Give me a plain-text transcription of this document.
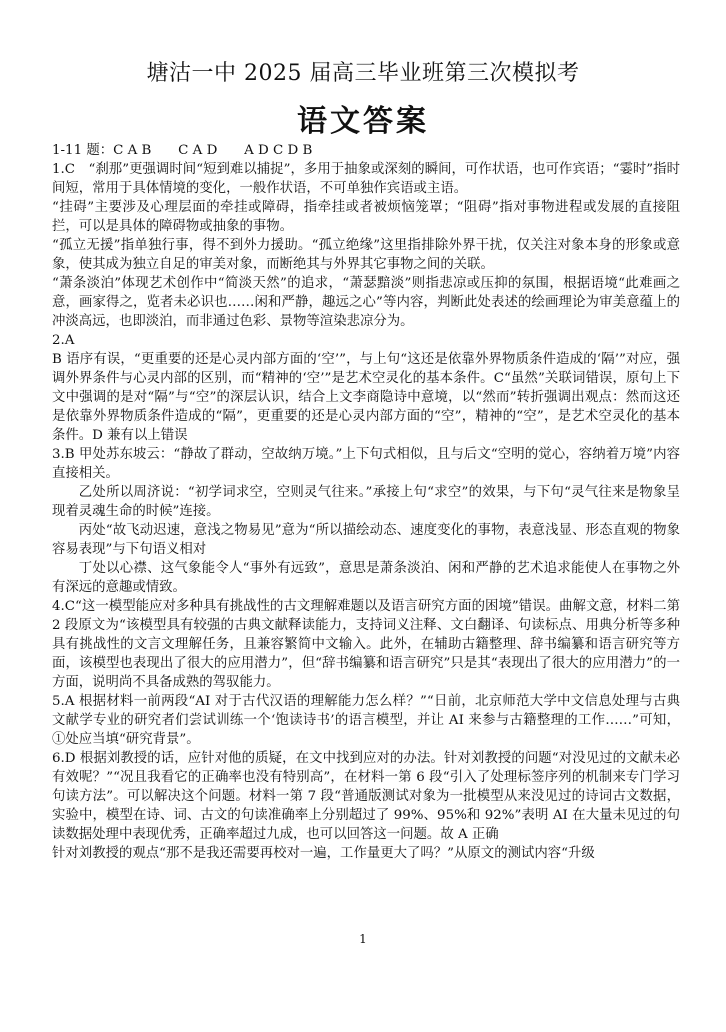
塘沽一中 2025 届高三毕业班第三次模拟考
语文答案

1-11 题：C A B　　C A D　　A D C D B

1.C　“刹那”更强调时间“短到难以捕捉”，多用于抽象或深刻的瞬间，可作状语，也可作宾语；“霎时”指时间短，常用于具体情境的变化，一般作状语，不可单独作宾语或主语。

“挂碍”主要涉及心理层面的牵挂或障碍，指牵挂或者被烦恼笼罩；“阻碍”指对事物进程或发展的直接阻拦，可以是具体的障碍物或抽象的事物。

“孤立无援”指单独行事，得不到外力援助。“孤立绝缘”这里指排除外界干扰，仅关注对象本身的形象或意象，使其成为独立自足的审美对象，而断绝其与外界其它事物之间的关联。

“萧条淡泊”体现艺术创作中“简淡天然”的追求，“萧瑟黯淡”则指悲凉或压抑的氛围，根据语境“此难画之意，画家得之，览者未必识也……闲和严静，趣远之心”等内容，判断此处表述的绘画理论为审美意蕴上的冲淡高远，也即淡泊，而非通过色彩、景物等渲染悲凉分为。

2.A

B 语序有误，“更重要的还是心灵内部方面的‘空’”，与上句“这还是依靠外界物质条件造成的‘隔’”对应，强调外界条件与心灵内部的区别，而“精神的‘空’”是艺术空灵化的基本条件。C“虽然”关联词错误，原句上下文中强调的是对“隔”与“空”的深层认识，结合上文李商隐诗中意境，以“然而”转折强调出观点：然而这还是依靠外界物质条件造成的“隔”，更重要的还是心灵内部方面的“空”，精神的“空”，是艺术空灵化的基本条件。D 兼有以上错误

3.B 甲处苏东坡云：“静故了群动，空故纳万境。”上下句式相似，且与后文“空明的觉心，容纳着万境”内容直接相关。

乙处所以周济说：“初学词求空，空则灵气往来。”承接上句“求空”的效果，与下句“灵气往来是物象呈现着灵魂生命的时候”连接。

丙处“故飞动迟速，意浅之物易见”意为“所以描绘动态、速度变化的事物，表意浅显、形态直观的物象容易表现”与下句语义相对

丁处以心襟、这气象能令人“事外有远致”，意思是萧条淡泊、闲和严静的艺术追求能使人在事物之外有深远的意趣或情致。

4.C“这一模型能应对多种具有挑战性的古文理解难题以及语言研究方面的困境”错误。曲解文意，材料二第 2 段原文为“该模型具有较强的古典文献释读能力，支持词义注释、文白翻译、句读标点、用典分析等多种具有挑战性的文言文理解任务，且兼容繁简中文输入。此外，在辅助古籍整理、辞书编纂和语言研究等方面，该模型也表现出了很大的应用潜力”，但“辞书编纂和语言研究”只是其“表现出了很大的应用潜力”的一方面，说明尚不具备成熟的驾驭能力。

5.A 根据材料一前两段“AI 对于古代汉语的理解能力怎么样？”“日前，北京师范大学中文信息处理与古典文献学专业的研究者们尝试训练一个‘饱读诗书’的语言模型，并让 AI 来参与古籍整理的工作……”可知，①处应当填“研究背景”。

6.D 根据刘教授的话，应针对他的质疑，在文中找到应对的办法。针对刘教授的问题“对没见过的文献未必有效呢？”“况且我看它的正确率也没有特别高”，在材料一第 6 段“引入了处理标签序列的机制来专门学习句读方法”。可以解决这个问题。材料一第 7 段“普通版测试对象为一批模型从来没见过的诗词古文数据，实验中，模型在诗、词、古文的句读准确率上分别超过了 99%、95%和 92%”表明 AI 在大量未见过的句读数据处理中表现优秀，正确率超过九成，也可以回答这一问题。故 A 正确

针对刘教授的观点“那不是我还需要再校对一遍，工作量更大了吗？”从原文的测试内容“升级

1
